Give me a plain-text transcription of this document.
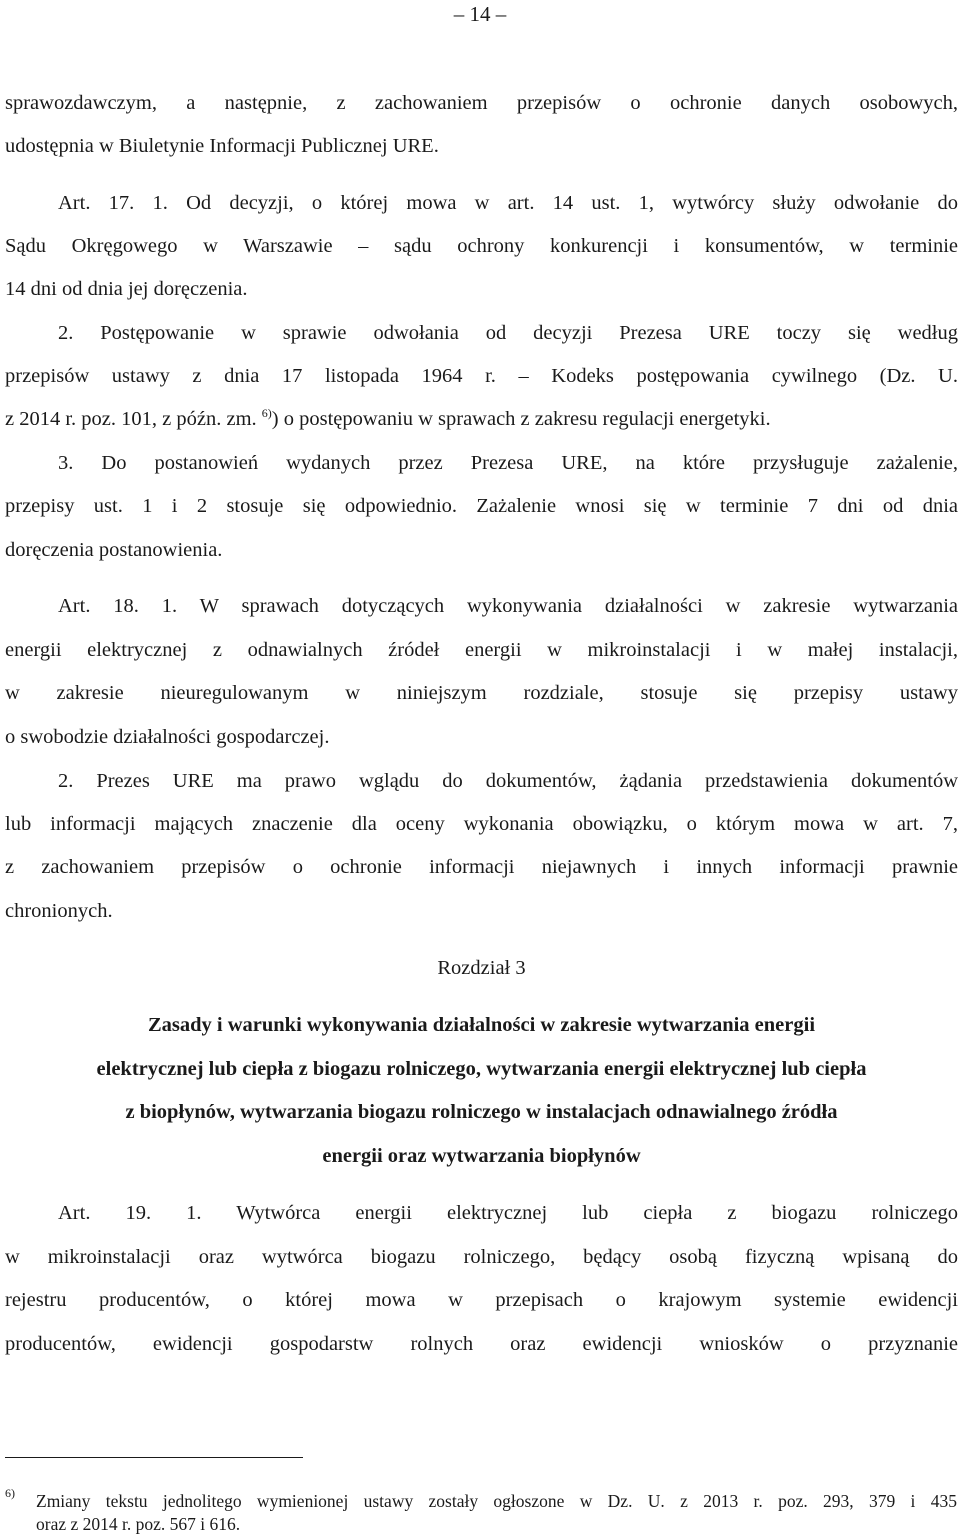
– 14 –
sprawozdawczym, a następnie, z zachowaniem przepisów o ochronie danych osobowych,
udostępnia w Biuletynie Informacji Publicznej URE.
Art. 17. 1. Od decyzji, o której mowa w art. 14 ust. 1, wytwórcy służy odwołanie do
Sądu Okręgowego w Warszawie – sądu ochrony konkurencji i konsumentów, w terminie
14 dni od dnia jej doręczenia.
2. Postępowanie w sprawie odwołania od decyzji Prezesa URE toczy się według
przepisów ustawy z dnia 17 listopada 1964 r. – Kodeks postępowania cywilnego (Dz. U.
z 2014 r. poz. 101, z późn. zm. $^{6)}$) o postępowaniu w sprawach z zakresu regulacji energetyki.
3. Do postanowień wydanych przez Prezesa URE, na które przysługuje zażalenie,
przepisy ust. 1 i 2 stosuje się odpowiednio. Zażalenie wnosi się w terminie 7 dni od dnia
doręczenia postanowienia.
Art. 18. 1. W sprawach dotyczących wykonywania działalności w zakresie wytwarzania
energii elektrycznej z odnawialnych źródeł energii w mikroinstalacji i w małej instalacji,
w zakresie nieuregulowanym w niniejszym rozdziale, stosuje się przepisy ustawy
o swobodzie działalności gospodarczej.
2. Prezes URE ma prawo wglądu do dokumentów, żądania przedstawienia dokumentów
lub informacji mających znaczenie dla oceny wykonania obowiązku, o którym mowa w art. 7,
z zachowaniem przepisów o ochronie informacji niejawnych i innych informacji prawnie
chronionych.
Rozdział 3
Zasady i warunki wykonywania działalności w zakresie wytwarzania energii
elektrycznej lub ciepła z biogazu rolniczego, wytwarzania energii elektrycznej lub ciepła
z biopłynów, wytwarzania biogazu rolniczego w instalacjach odnawialnego źródła
energii oraz wytwarzania biopłynów
Art. 19. 1. Wytwórca energii elektrycznej lub ciepła z biogazu rolniczego
w mikroinstalacji oraz wytwórca biogazu rolniczego, będący osobą fizyczną wpisaną do
rejestru producentów, o której mowa w przepisach o krajowym systemie ewidencji
producentów, ewidencji gospodarstw rolnych oraz ewidencji wniosków o przyznanie
6) Zmiany tekstu jednolitego wymienionej ustawy zostały ogłoszone w Dz. U. z 2013 r. poz. 293, 379 i 435
oraz z 2014 r. poz. 567 i 616.
